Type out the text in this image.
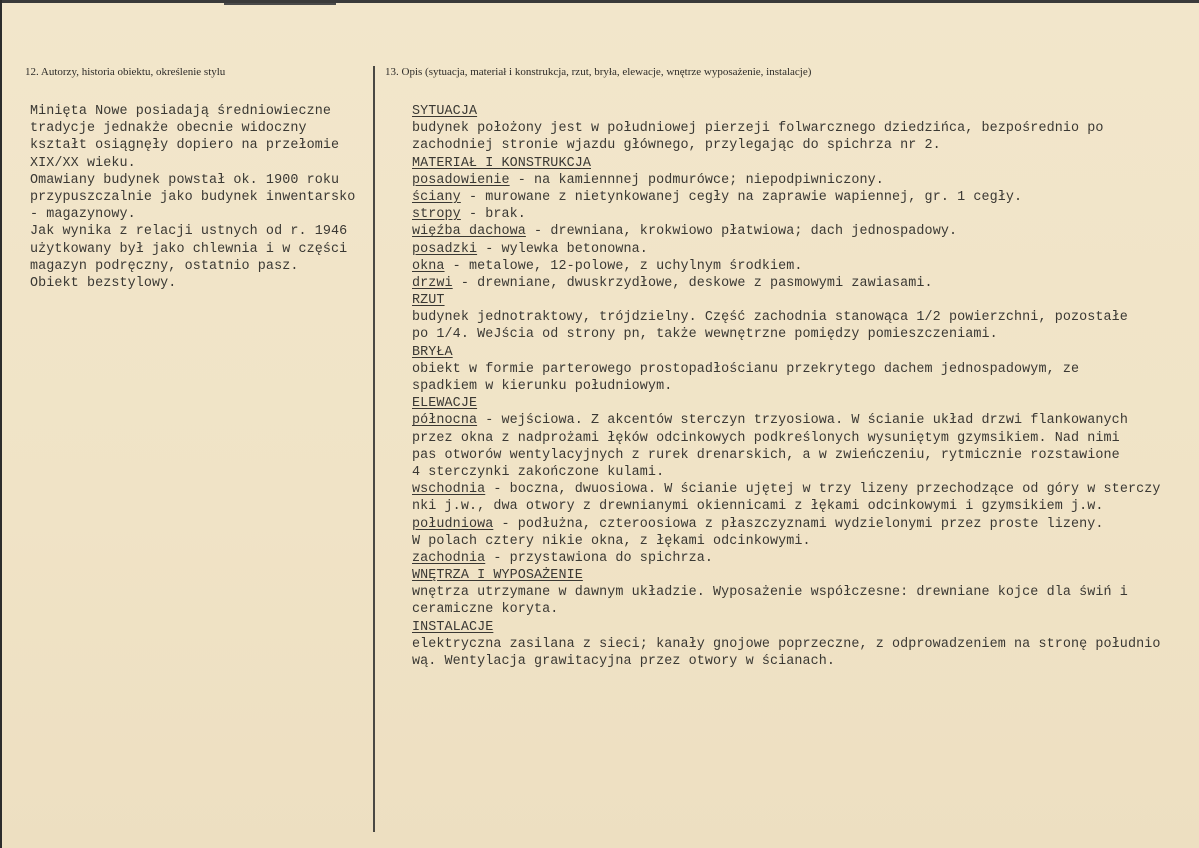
12. Autorzy, historia obiektu, określenie stylu	13. Opis (sytuacja, materiał i konstrukcja, rzut, bryła, elewacje, wnętrze wyposażenie, instalacje)
Minięta Nowe posiadają średniowieczne
tradycje jednakże obecnie widoczny
kształt osiągnęły dopiero na przełomie
XIX/XX wieku.
Omawiany budynek powstał ok. 1900 roku
przypuszczalnie jako budynek inwentarsko
- magazynowy.
Jak wynika z relacji ustnych od r. 1946
użytkowany był jako chlewnia i w części
magazyn podręczny, ostatnio pasz.
Obiekt bezstylowy.
SYTUACJA
budynek położony jest w południowej pierzeji folwarcznego dziedzińca, bezpośrednio po
zachodniej stronie wjazdu głównego, przylegając do spichrza nr 2.
MATERIAŁ I KONSTRUKCJA
posadowienie - na kamiennnej podmurówce; niepodpiwniczony.
ściany - murowane z nietynkowanej cegły na zaprawie wapiennej, gr. 1 cegły.
stropy - brak.
więźba dachowa - drewniana, krokwiowo płatwiowa; dach jednospadowy.
posadzki - wylewka betonowna.
okna - metalowe, 12-polowe, z uchylnym środkiem.
drzwi - drewniane, dwuskrzydłowe, deskowe z pasmowymi zawiasami.
RZUT
budynek jednotraktowy, trójdzielny. Część zachodnia stanowąca 1/2 powierzchni, pozostałe
po 1/4. WeJścia od strony pn, także wewnętrzne pomiędzy pomieszczeniami.
BRYŁA
obiekt w formie parterowego prostopadłościanu przekrytego dachem jednospadowym, ze
spadkiem w kierunku południowym.
ELEWACJE
północna - wejściowa. Z akcentów sterczyn trzyosiowa. W ścianie układ drzwi flankowanych
przez okna z nadprożami łęków odcinkowych podkreślonych wysuniętym gzymsikiem. Nad nimi
pas otworów wentylacyjnych z rurek drenarskich, a w zwieńczeniu, rytmicznie rozstawione
4 sterczynki zakończone kulami.
wschodnia - boczna, dwuosiowa. W ścianie ujętej w trzy lizeny przechodzące od góry w sterczy
nki j.w., dwa otwory z drewnianymi okiennicami z łękami odcinkowymi i gzymsikiem j.w.
południowa - podłużna, czteroosiowa z płaszczyznami wydzielonymi przez proste lizeny.
W polach cztery nikie okna, z łękami odcinkowymi.
zachodnia - przystawiona do spichrza.
WNĘTRZA I WYPOSAŻENIE
wnętrza utrzymane w dawnym układzie. Wyposażenie współczesne: drewniane kojce dla świń i
ceramiczne koryta.
INSTALACJE
elektryczna zasilana z sieci; kanały gnojowe poprzeczne, z odprowadzeniem na stronę południo
wą. Wentylacja grawitacyjna przez otwory w ścianach.
